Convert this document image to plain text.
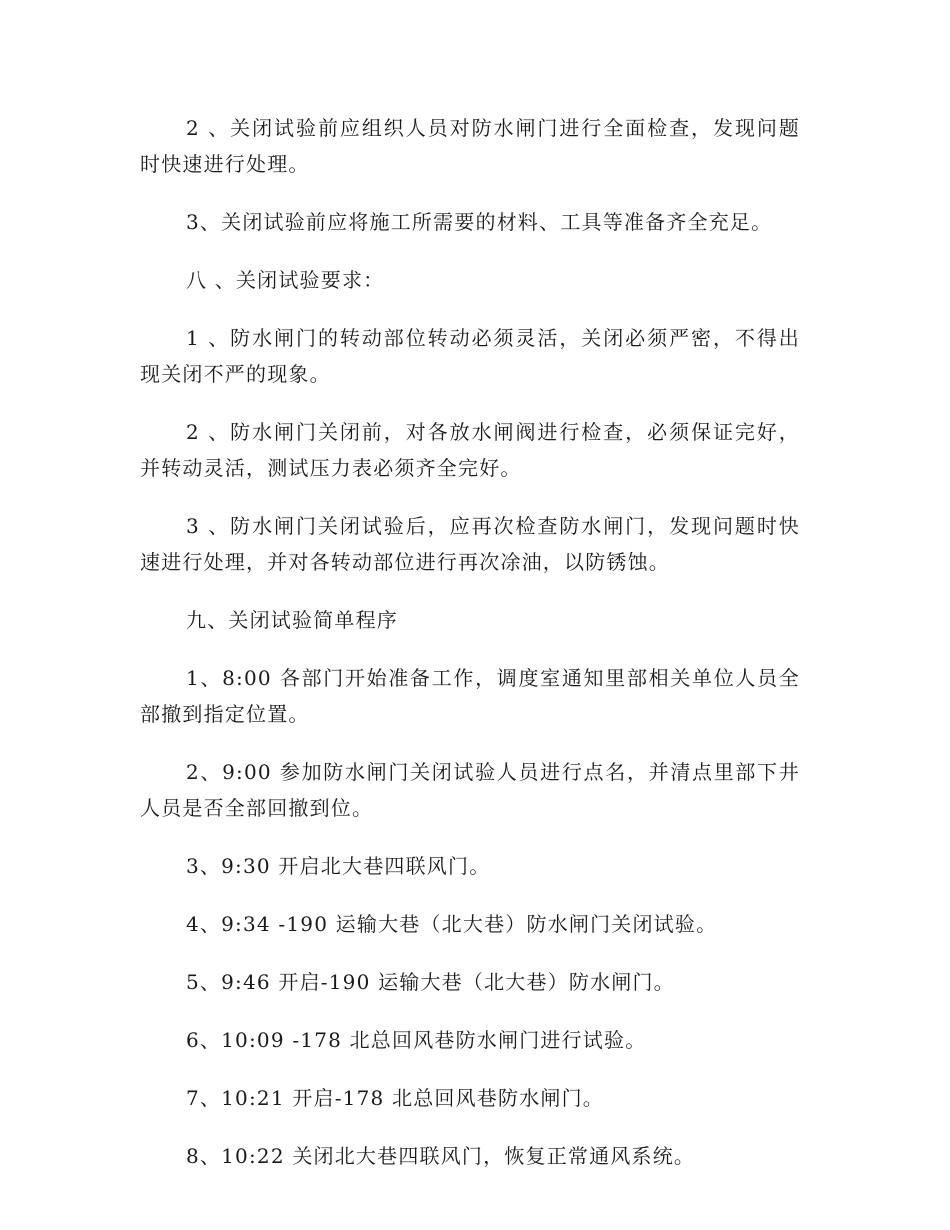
2 、关闭试验前应组织人员对防水闸门进行全面检查，发现问题时快速进行处理。

3、关闭试验前应将施工所需要的材料、工具等准备齐全充足。

八 、关闭试验要求：

1 、防水闸门的转动部位转动必须灵活，关闭必须严密，不得出现关闭不严的现象。

2 、防水闸门关闭前，对各放水闸阀进行检查，必须保证完好，并转动灵活，测试压力表必须齐全完好。

3 、防水闸门关闭试验后，应再次检查防水闸门，发现问题时快速进行处理，并对各转动部位进行再次凃油，以防锈蚀。

九、关闭试验简单程序

1、8:00 各部门开始准备工作，调度室通知里部相关单位人员全部撤到指定位置。

2、9:00 参加防水闸门关闭试验人员进行点名，并清点里部下井人员是否全部回撤到位。

3、9:30 开启北大巷四联风门。

4、9:34 -190 运输大巷（北大巷）防水闸门关闭试验。

5、9:46 开启-190 运输大巷（北大巷）防水闸门。

6、10:09 -178 北总回风巷防水闸门进行试验。

7、10:21 开启-178 北总回风巷防水闸门。

8、10:22 关闭北大巷四联风门，恢复正常通风系统。
